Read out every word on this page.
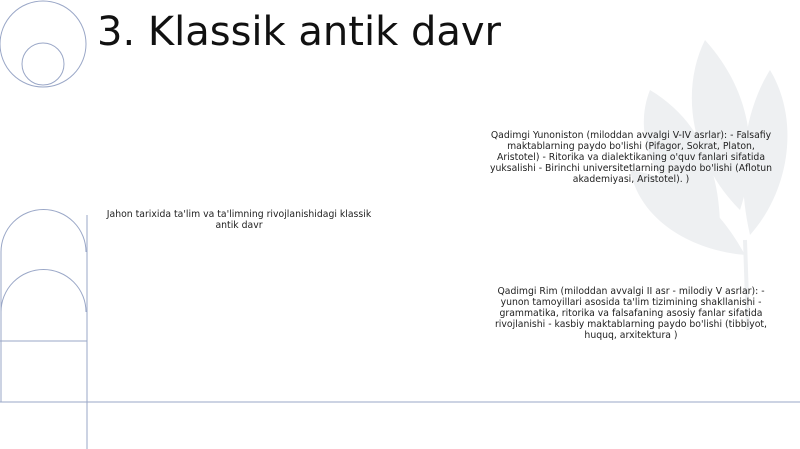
3. Klassik antik davr
Jahon tarixida ta'lim va ta'limning rivojlanishidagi klassik antik davr
Qadimgi Yunoniston (miloddan avvalgi V-IV asrlar): - Falsafiy maktablarning paydo bo'lishi (Pifagor, Sokrat, Platon, Aristotel) - Ritorika va dialektikaning o'quv fanlari sifatida yuksalishi - Birinchi universitetlarning paydo bo'lishi (Aflotun akademiyasi, Aristotel). )
Qadimgi Rim (miloddan avvalgi II asr - milodiy V asrlar): - yunon tamoyillari asosida ta'lim tizimining shakllanishi - grammatika, ritorika va falsafaning asosiy fanlar sifatida rivojlanishi - kasbiy maktablarning paydo bo'lishi (tibbiyot, huquq, arxitektura )
